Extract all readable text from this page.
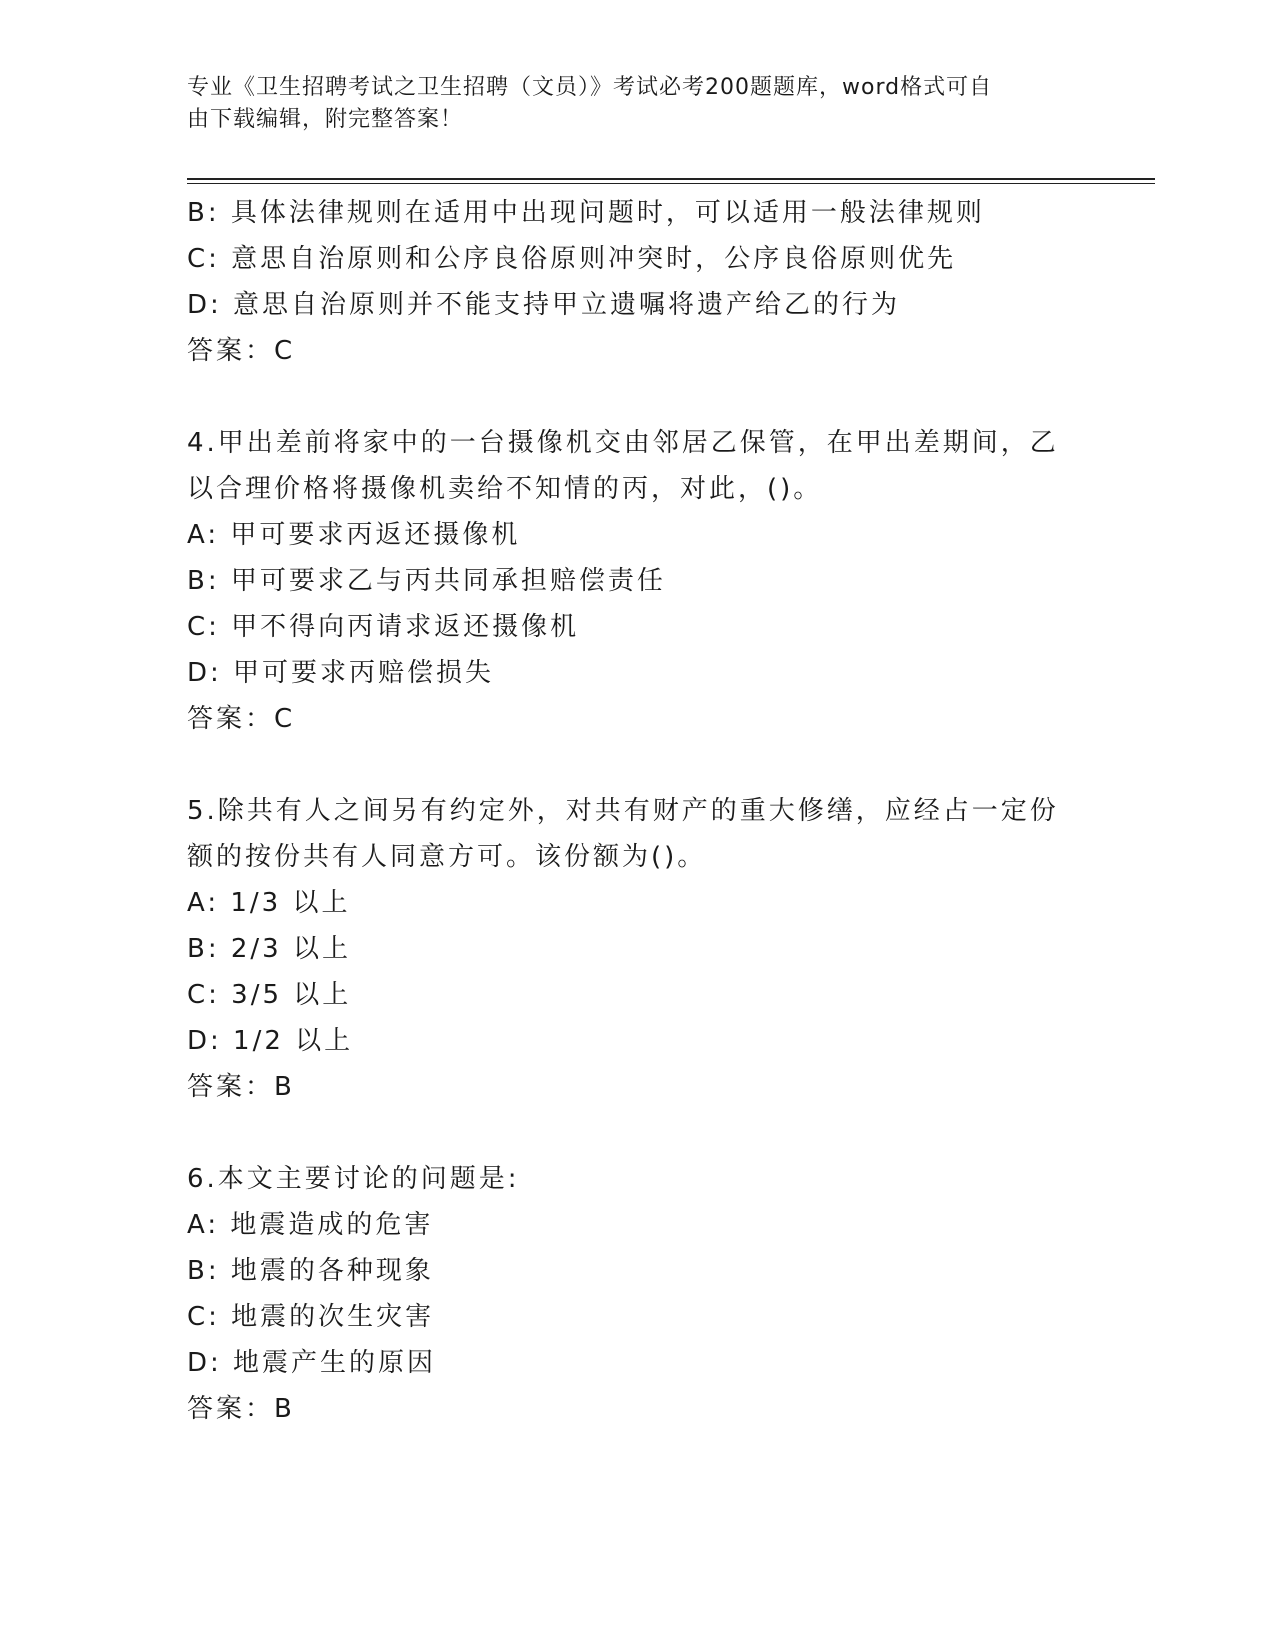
专业《卫生招聘考试之卫生招聘（文员）》考试必考200题题库，word格式可自
由下载编辑，附完整答案！
B: 具体法律规则在适用中出现问题时，可以适用一般法律规则
C: 意思自治原则和公序良俗原则冲突时，公序良俗原则优先
D: 意思自治原则并不能支持甲立遗嘱将遗产给乙的行为
答案：C
4.甲出差前将家中的一台摄像机交由邻居乙保管，在甲出差期间，乙
以合理价格将摄像机卖给不知情的丙，对此，()。
A: 甲可要求丙返还摄像机
B: 甲可要求乙与丙共同承担赔偿责任
C: 甲不得向丙请求返还摄像机
D: 甲可要求丙赔偿损失
答案：C
5.除共有人之间另有约定外，对共有财产的重大修缮，应经占一定份
额的按份共有人同意方可。该份额为()。
A: 1/3 以上
B: 2/3 以上
C: 3/5 以上
D: 1/2 以上
答案：B
6.本文主要讨论的问题是:
A: 地震造成的危害
B: 地震的各种现象
C: 地震的次生灾害
D: 地震产生的原因
答案：B
